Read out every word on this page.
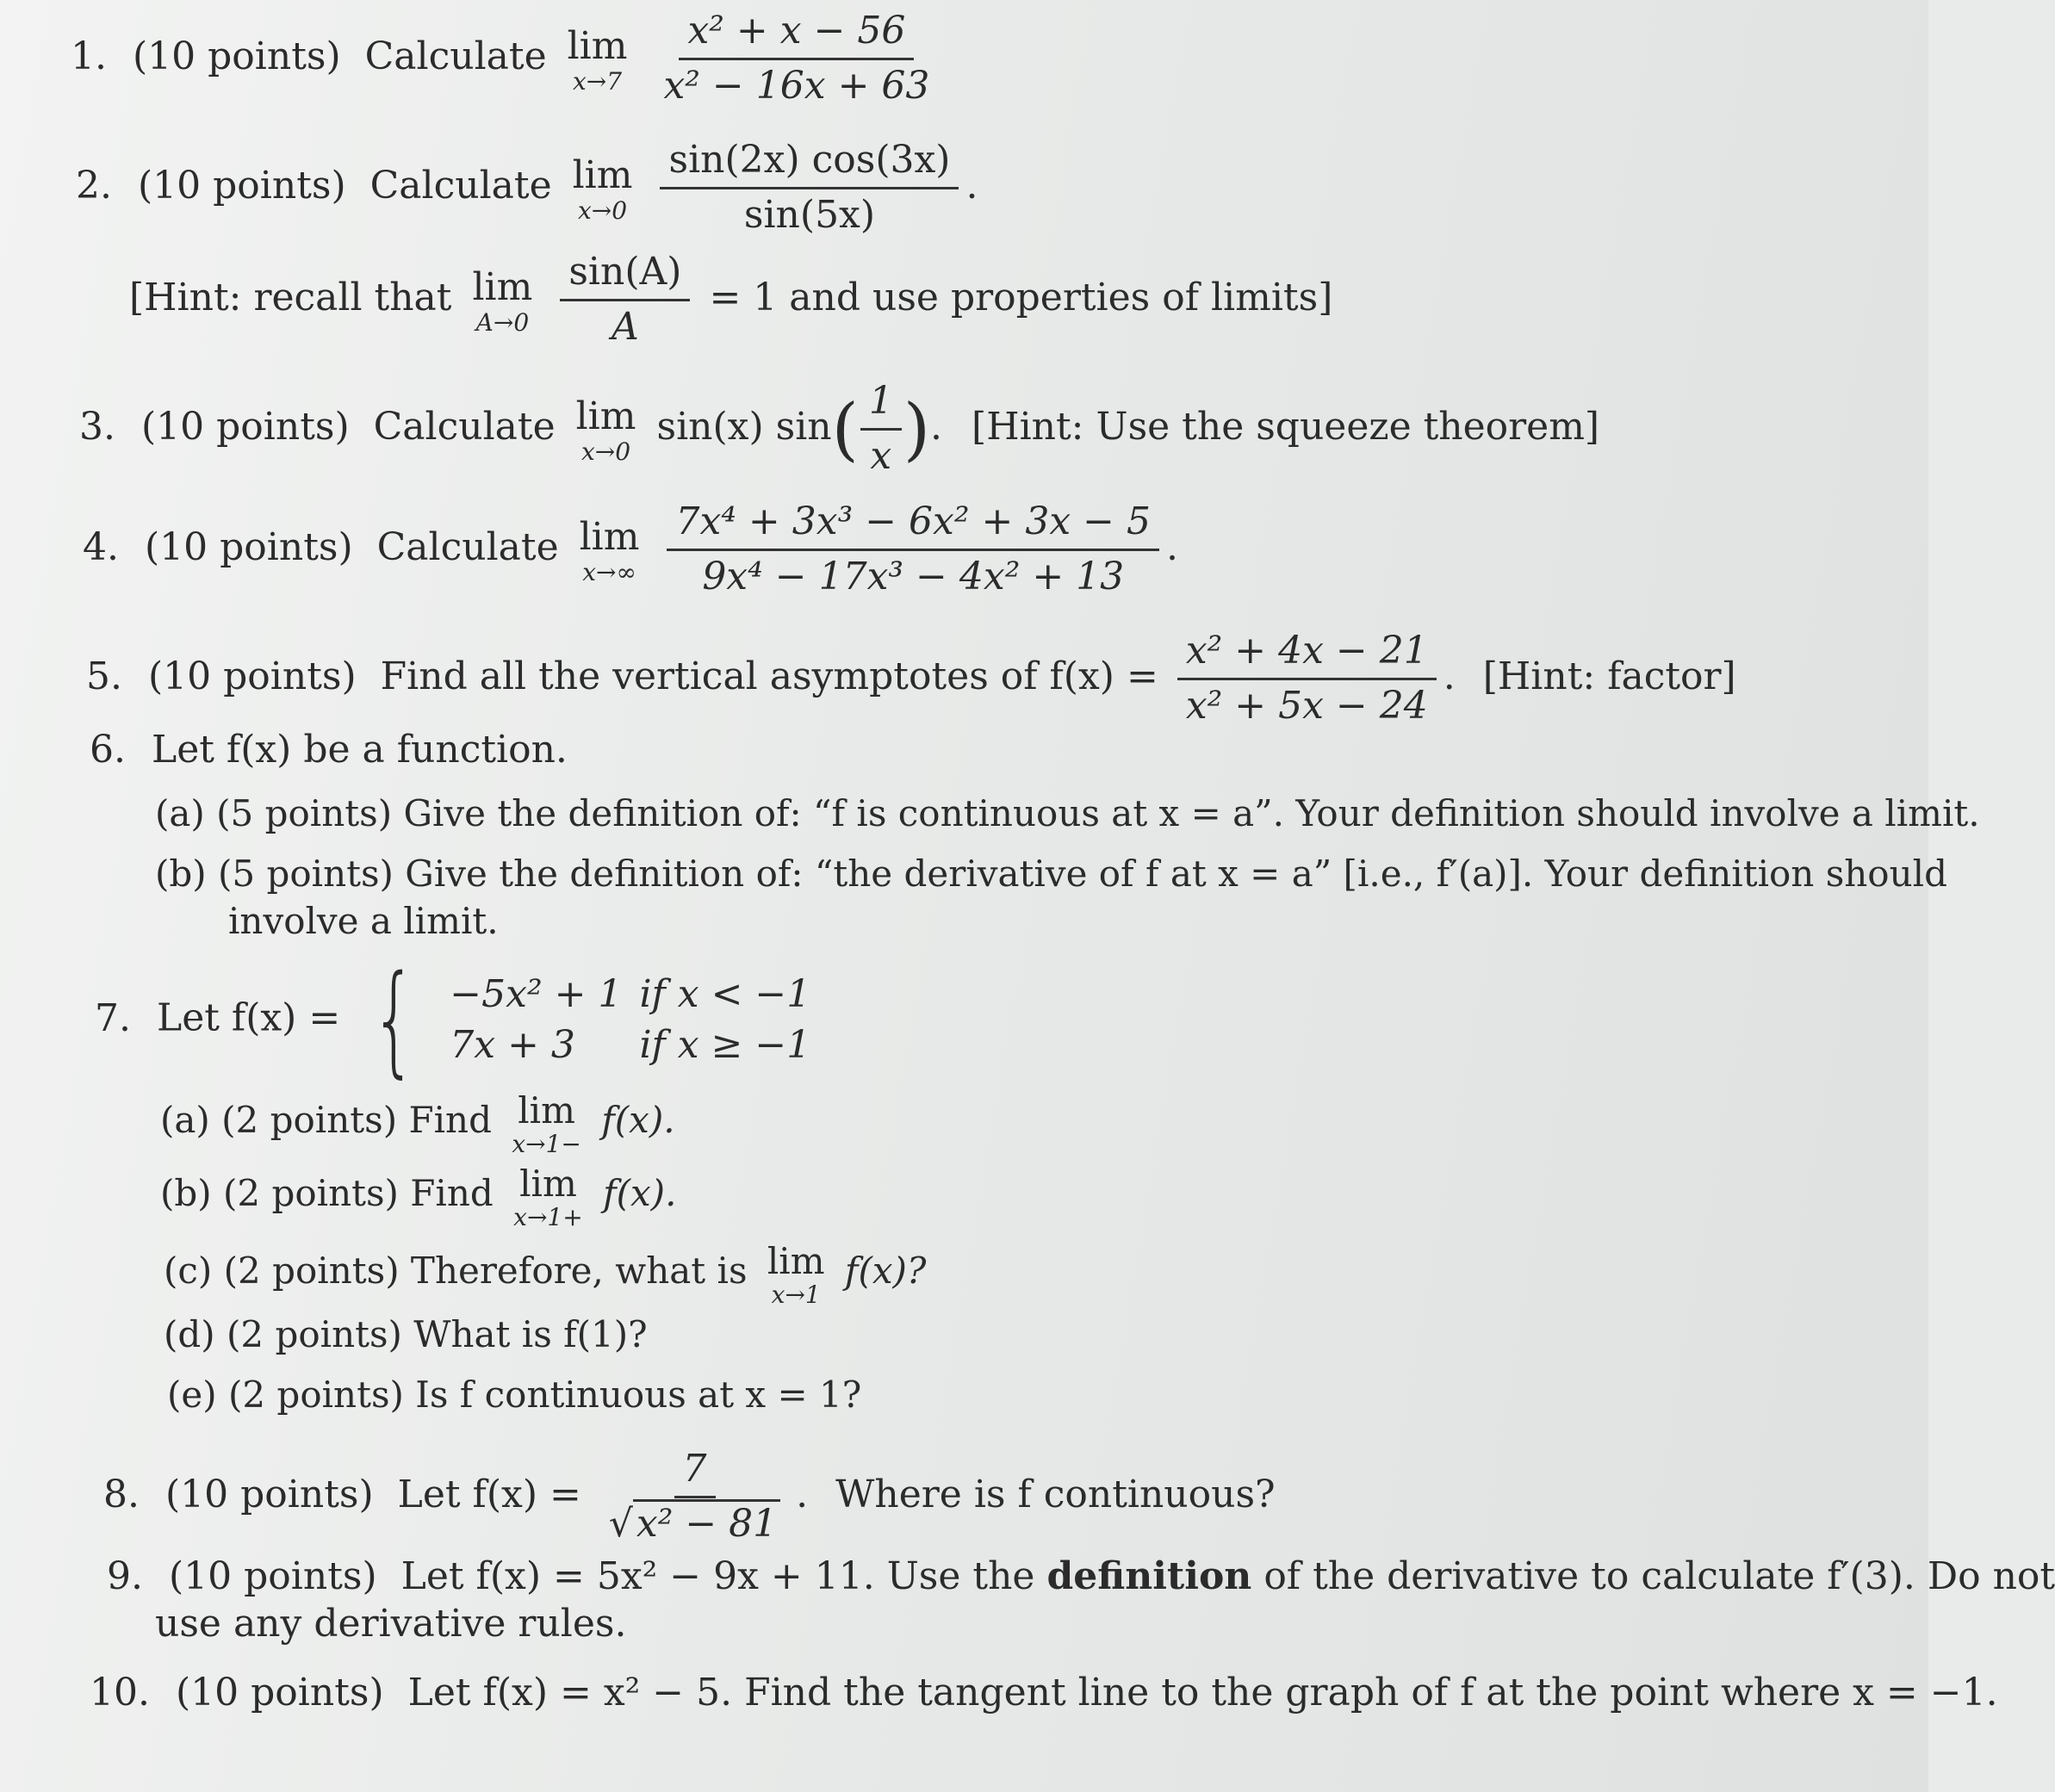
1. (10 points) Calculate lim
x→7
$\frac{\text{x² + x − 56}}{\text{x² − 16x + 63}}$
2. (10 points) Calculate lim
x→0
$\frac{\sin(2x) \cos(3x)}{\sin(5x)}$ .
[Hint: recall that lim
A→0
$\frac{\sin(A)}{A} = 1$ and use properties of limits]
3. (10 points) Calculate lim
x→0
sin(x) $\sin( \frac{1}{x}$ ). [Hint: Use the squeeze theorem]
4. (10 points) Calculate lim
x→∞
$\frac{\text{7x⁴ + 3x³ − 6x² + 3x − 5}}{\text{9x⁴ − 17x³ − 4x² + 13}}$ .
5. (10 points) Find all the vertical asymptotes of $f(x) = \frac{\text{x² + 4x − 21}}{\text{x² + 5x − 24}}$ . [Hint: factor]
6. Let f(x) be a function.
(a) (5 points) Give the definition of: “f is continuous at x = a”. Your definition should involve a limit.
(b) (5 points) Give the definition of: “the derivative of f at x = a” [i.e., f′(a)]. Your definition should
involve a limit.
7. Let f(x) = { −5x² + 1	if x < −1
7x + 3	if x ≥ −1
(a) (2 points) Find lim
x→1−
f(x).
(b) (2 points) Find lim
x→1+
f(x).
(c) (2 points) Therefore, what is lim
x→1
f(x)?
(d) (2 points) What is f(1)?
(e) (2 points) Is f continuous at x = 1?
8. (10 points) Let $f(x) = \frac{7}{\text{√x² − 81}}$ . Where is f continuous?
9. (10 points) Let f(x) = 5x² − 9x + 11. Use the definition of the derivative to calculate f′(3). Do not
use any derivative rules.
10. (10 points) Let f(x) = x² − 5. Find the tangent line to the graph of f at the point where x = −1.
